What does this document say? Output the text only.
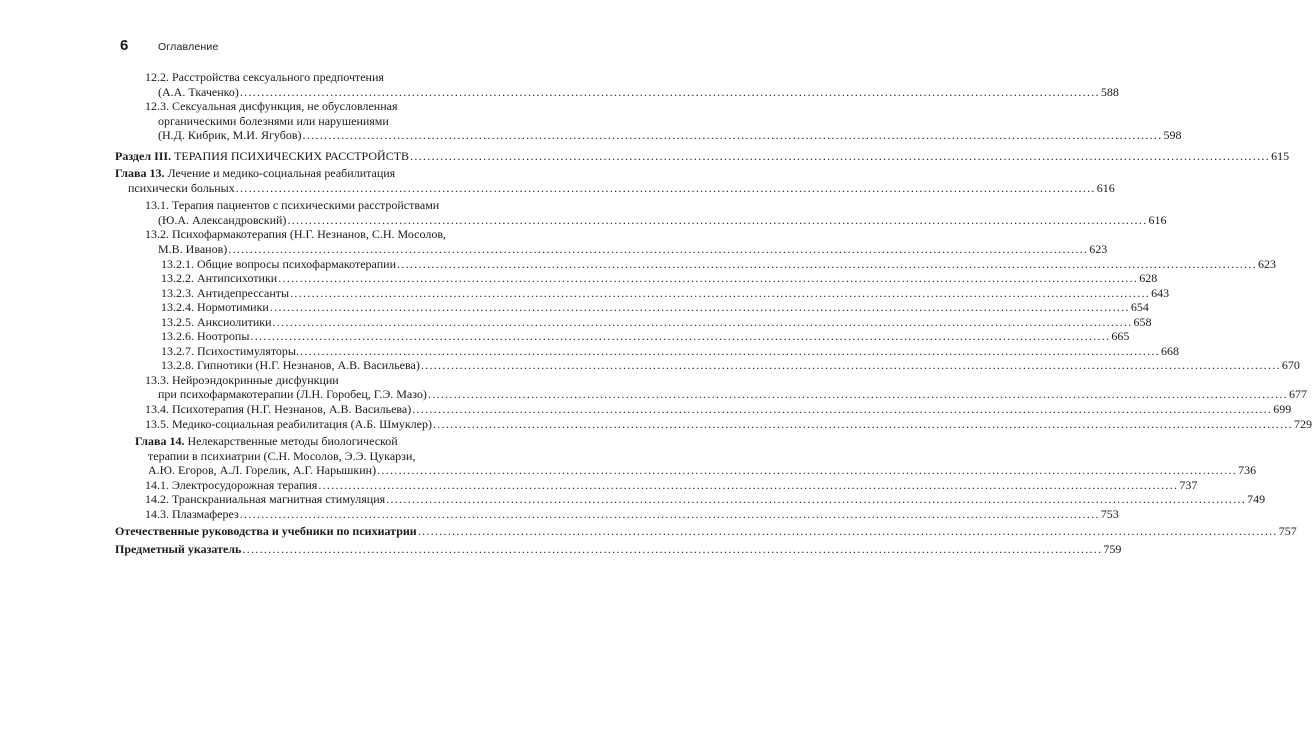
6	Оглавление
12.2. Расстройства сексуального предпочтения
(А.А. Ткаченко) ........................................................................................................................................................................................................ 588
12.3. Сексуальная дисфункция, не обусловленная
органическими болезнями или нарушениями
(Н.Д. Кибрик, М.И. Ягубов) ........................................................................................................................................................................................................ 598
Раздел III. ТЕРАПИЯ ПСИХИЧЕСКИХ РАССТРОЙСТВ ........................................................................................................................................................................................................ 615
Глава 13. Лечение и медико-социальная реабилитация
психически больных ........................................................................................................................................................................................................ 616
13.1. Терапия пациентов с психическими расстройствами
(Ю.А. Александровский) ........................................................................................................................................................................................................ 616
13.2. Психофармакотерапия (Н.Г. Незнанов, С.Н. Мосолов,
М.В. Иванов) ........................................................................................................................................................................................................ 623
13.2.1. Общие вопросы психофармакотерапии ........................................................................................................................................................................................................ 623
13.2.2. Антипсихотики ........................................................................................................................................................................................................ 628
13.2.3. Антидепрессанты ........................................................................................................................................................................................................ 643
13.2.4. Нормотимики ........................................................................................................................................................................................................ 654
13.2.5. Анксиолитики ........................................................................................................................................................................................................ 658
13.2.6. Ноотропы ........................................................................................................................................................................................................ 665
13.2.7. Психостимуляторы. ........................................................................................................................................................................................................ 668
13.2.8. Гипнотики (Н.Г. Незнанов, А.В. Васильева) ........................................................................................................................................................................................................ 670
13.3. Нейроэндокринные дисфункции
при психофармакотерапии (Л.Н. Горобец, Г.Э. Мазо) ........................................................................................................................................................................................................ 677
13.4. Психотерапия (Н.Г. Незнанов, А.В. Васильева) ........................................................................................................................................................................................................ 699
13.5. Медико-социальная реабилитация (А.Б. Шмуклер) ........................................................................................................................................................................................................ 729
Глава 14. Нелекарственные методы биологической
терапии в психиатрии (С.Н. Мосолов, Э.Э. Цукарзи,
А.Ю. Егоров, А.Л. Горелик, А.Г. Нарышкин) ........................................................................................................................................................................................................ 736
14.1. Электросудорожная терапия ........................................................................................................................................................................................................ 737
14.2. Транскраниальная магнитная стимуляция ........................................................................................................................................................................................................ 749
14.3. Плазмаферез ........................................................................................................................................................................................................ 753
Отечественные руководства и учебники по психиатрии ........................................................................................................................................................................................................ 757
Предметный указатель ........................................................................................................................................................................................................ 759
